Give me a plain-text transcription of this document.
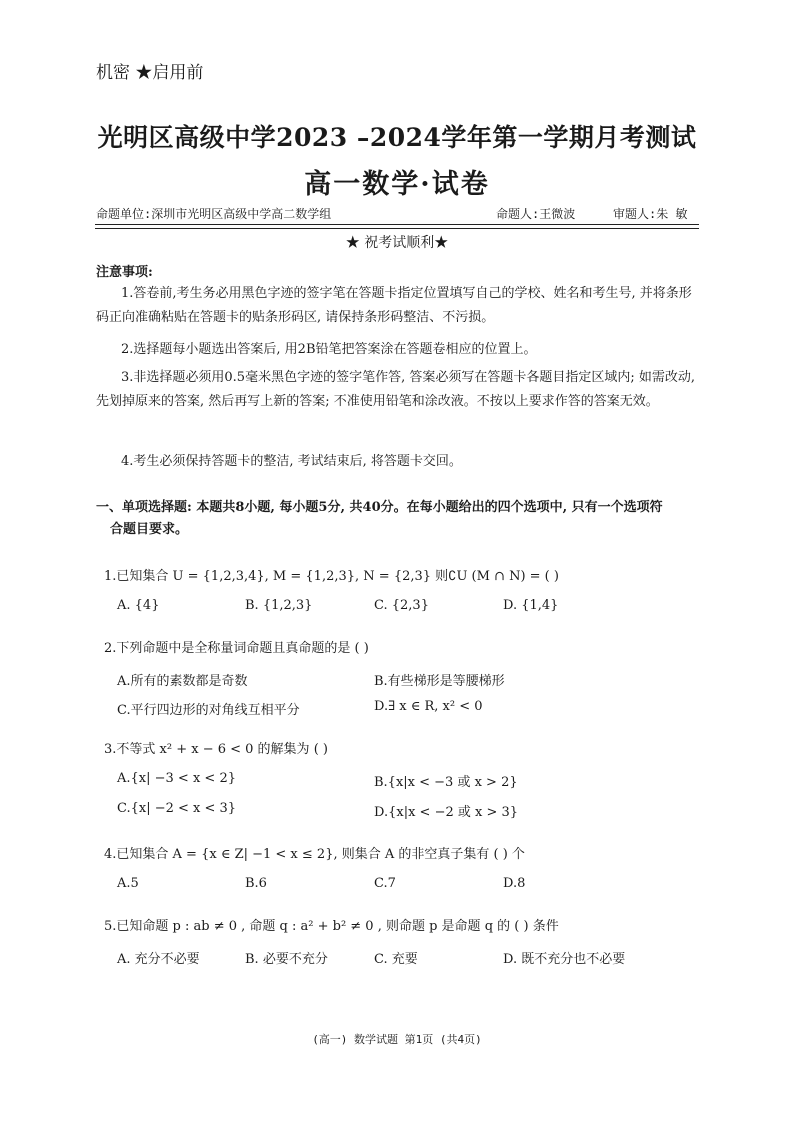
机密 ★启用前
光明区高级中学2023 –2024学年第一学期月考测试
高一数学·试卷
命题单位:深圳市光明区高级中学高二数学组	命题人:王微波	审题人:朱 敏
★ 祝考试顺利★
注意事项:
1.答卷前,考生务必用黑色字迹的签字笔在答题卡指定位置填写自己的学校、姓名和考生号, 并将条形码正向准确粘贴在答题卡的贴条形码区, 请保持条形码整洁、不污损。
2.选择题每小题选出答案后, 用2B铅笔把答案涂在答题卷相应的位置上。
3.非选择题必须用0.5毫米黑色字迹的签字笔作答, 答案必须写在答题卡各题目指定区域内; 如需改动, 先划掉原来的答案, 然后再写上新的答案; 不准使用铅笔和涂改液。不按以上要求作答的答案无效。
4.考生必须保持答题卡的整洁, 考试结束后, 将答题卡交回。
一、单项选择题: 本题共8小题, 每小题5分, 共40分。在每小题给出的四个选项中, 只有一个选项符
合题目要求。
1.已知集合 U = {1,2,3,4}, M = {1,2,3}, N = {2,3} 则∁U (M ∩ N) = ( )
A. {4}	B. {1,2,3}	C. {2,3}	D. {1,4}
2.下列命题中是全称量词命题且真命题的是 ( )
A.所有的素数都是奇数	B.有些梯形是等腰梯形
C.平行四边形的对角线互相平分	D.∃ x ∈ R, x² < 0
3.不等式 x² + x − 6 < 0 的解集为 ( )
A.{x| −3 < x < 2}	B.{x|x < −3 或 x > 2}
C.{x| −2 < x < 3}	D.{x|x < −2 或 x > 3}
4.已知集合 A = {x ∈ Z| −1 < x ≤ 2}, 则集合 A 的非空真子集有 ( ) 个
A.5	B.6	C.7	D.8
5.已知命题 p : ab ≠ 0 , 命题 q : a² + b² ≠ 0 , 则命题 p 是命题 q 的 ( ) 条件
A. 充分不必要	B. 必要不充分	C. 充要	D. 既不充分也不必要
(高一) 数学试题 第1页 (共4页)
